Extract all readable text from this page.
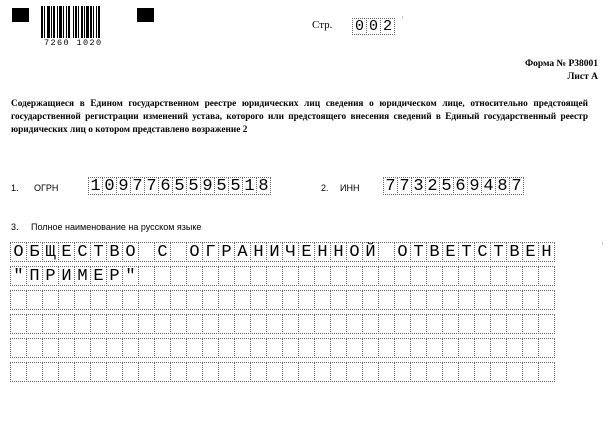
7260 1020
Стр. 0 0 2	'
Форма № Р38001
Лист А
Содержащиеся в Едином государственном реестре юридических лиц сведения о юридическом лице, относительно предстоящей государственной регистрации изменений устава, которого или предстоящего внесения сведений в Единый государственный реестр юридических лиц о котором представлено возражение 2
1. ОГРН 1 0 9 7 7 6 5 5 9 5 5 1 8	2. ИНН 7 7 3 2 5 6 9 4 8 7
3. Полное наименование на русском языке
О Б Щ Е С Т В О С О Г Р А Н И Ч Е Н Н О Й О Т В Е Т С Т В Е Н
" П Р И М Е Р "
'
